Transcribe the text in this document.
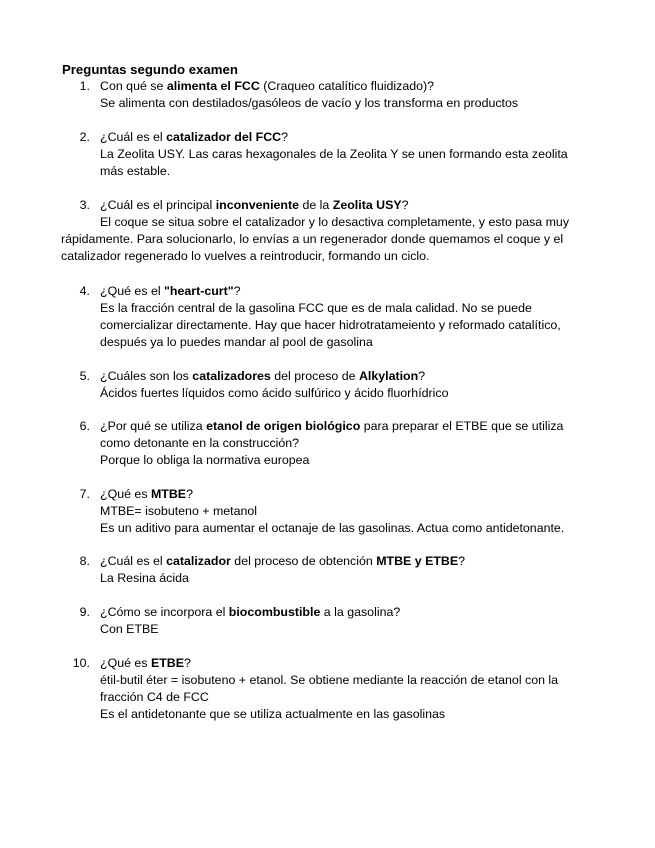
Preguntas segundo examen
1. Con qué se alimenta el FCC (Craqueo catalítico fluidizado)?
Se alimenta con destilados/gasóleos de vacío y los transforma en productos
2. ¿Cuál es el catalizador del FCC?
La Zeolita USY. Las caras hexagonales de la Zeolita Y se unen formando esta zeolita
más estable.
3. ¿Cuál es el principal inconveniente de la Zeolita USY?
El coque se situa sobre el catalizador y lo desactiva completamente, y esto pasa muy rápidamente. Para solucionarlo, lo envías a un regenerador donde quemamos el coque y el catalizador regenerado lo vuelves a reintroducir, formando un ciclo.
4. ¿Qué es el "heart-curt"?
Es la fracción central de la gasolina FCC que es de mala calidad. No se puede
comercializar directamente. Hay que hacer hidrotratameiento y reformado catalítico,
después ya lo puedes mandar al pool de gasolina
5. ¿Cuáles son los catalizadores del proceso de Alkylation?
Ácidos fuertes líquidos como ácido sulfúrico y ácido fluorhídrico
6. ¿Por qué se utiliza etanol de origen biológico para preparar el ETBE que se utiliza como detonante en la construcción?
Porque lo obliga la normativa europea
7. ¿Qué es MTBE?
MTBE= isobuteno + metanol
Es un aditivo para aumentar el octanaje de las gasolinas. Actua como antidetonante.
8. ¿Cuál es el catalizador del proceso de obtención MTBE y ETBE?
La Resina ácida
9. ¿Cómo se incorpora el biocombustible a la gasolina?
Con ETBE
10. ¿Qué es ETBE?
étil-butil éter = isobuteno + etanol. Se obtiene mediante la reacción de etanol con la
fracción C4 de FCC
Es el antidetonante que se utiliza actualmente en las gasolinas
